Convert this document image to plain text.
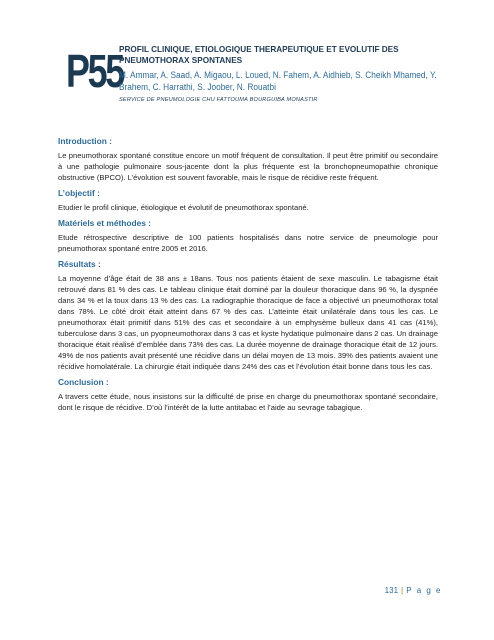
P55
PROFIL CLINIQUE, ETIOLOGIQUE THERAPEUTIQUE ET EVOLUTIF DES PNEUMOTHORAX SPONTANES
M. Ammar, A. Saad, A. Migaou, L. Loued, N. Fahem, A. Aidhieb, S. Cheikh Mhamed, Y. Brahem, C. Harrathi, S. Joober, N. Rouatbi
SERVICE DE PNEUMOLOGIE CHU FATTOUMA BOURGUIBA MONASTIR
Introduction :
Le pneumothorax spontané constitue encore un motif fréquent de consultation. Il peut être primitif ou secondaire à une pathologie pulmonaire sous-jacente dont la plus fréquente est la bronchopneumopathie chronique obstructive (BPCO). L’évolution est souvent favorable, mais le risque de récidive reste fréquent.
L’objectif :
Etudier le profil clinique, étiologique et évolutif de pneumothorax spontané.
Matériels et méthodes :
Etude rétrospective descriptive de 100 patients hospitalisés dans notre service de pneumologie pour pneumothorax spontané entre 2005 et 2016.
Résultats :
La moyenne d’âge était de 38 ans ± 18ans. Tous nos patients étaient de sexe masculin. Le tabagisme était retrouvé dans 81 % des cas. Le tableau clinique était dominé par la douleur thoracique dans 96 %, la dyspnée dans 34 % et la toux dans 13 % des cas. La radiographie thoracique de face a objectivé un pneumothorax total dans 78%. Le côté droit était atteint dans 67 % des cas. L’atteinte était unilatérale dans tous les cas. Le pneumothorax était primitif dans 51% des cas et secondaire à un emphysème bulleux dans 41 cas (41%), tuberculose dans 3 cas, un pyopneumothorax dans 3 cas et kyste hydatique pulmonaire dans 2 cas. Un drainage thoracique était réalisé d’emblée dans 73% des cas. La durée moyenne de drainage thoracique était de 12 jours. 49% de nos patients avait présenté une récidive dans un délai moyen de 13 mois. 39% des patients avaient une récidive homolatérale. La chirurgie était indiquée dans 24% des cas et l’évolution était bonne dans tous les cas.
Conclusion :
A travers cette étude, nous insistons sur la difficulté de prise en charge du pneumothorax spontané secondaire, dont le risque de récidive. D’où l’intérêt de la lutte antitabac et l’aide au sevrage tabagique.
131 | P a g e
